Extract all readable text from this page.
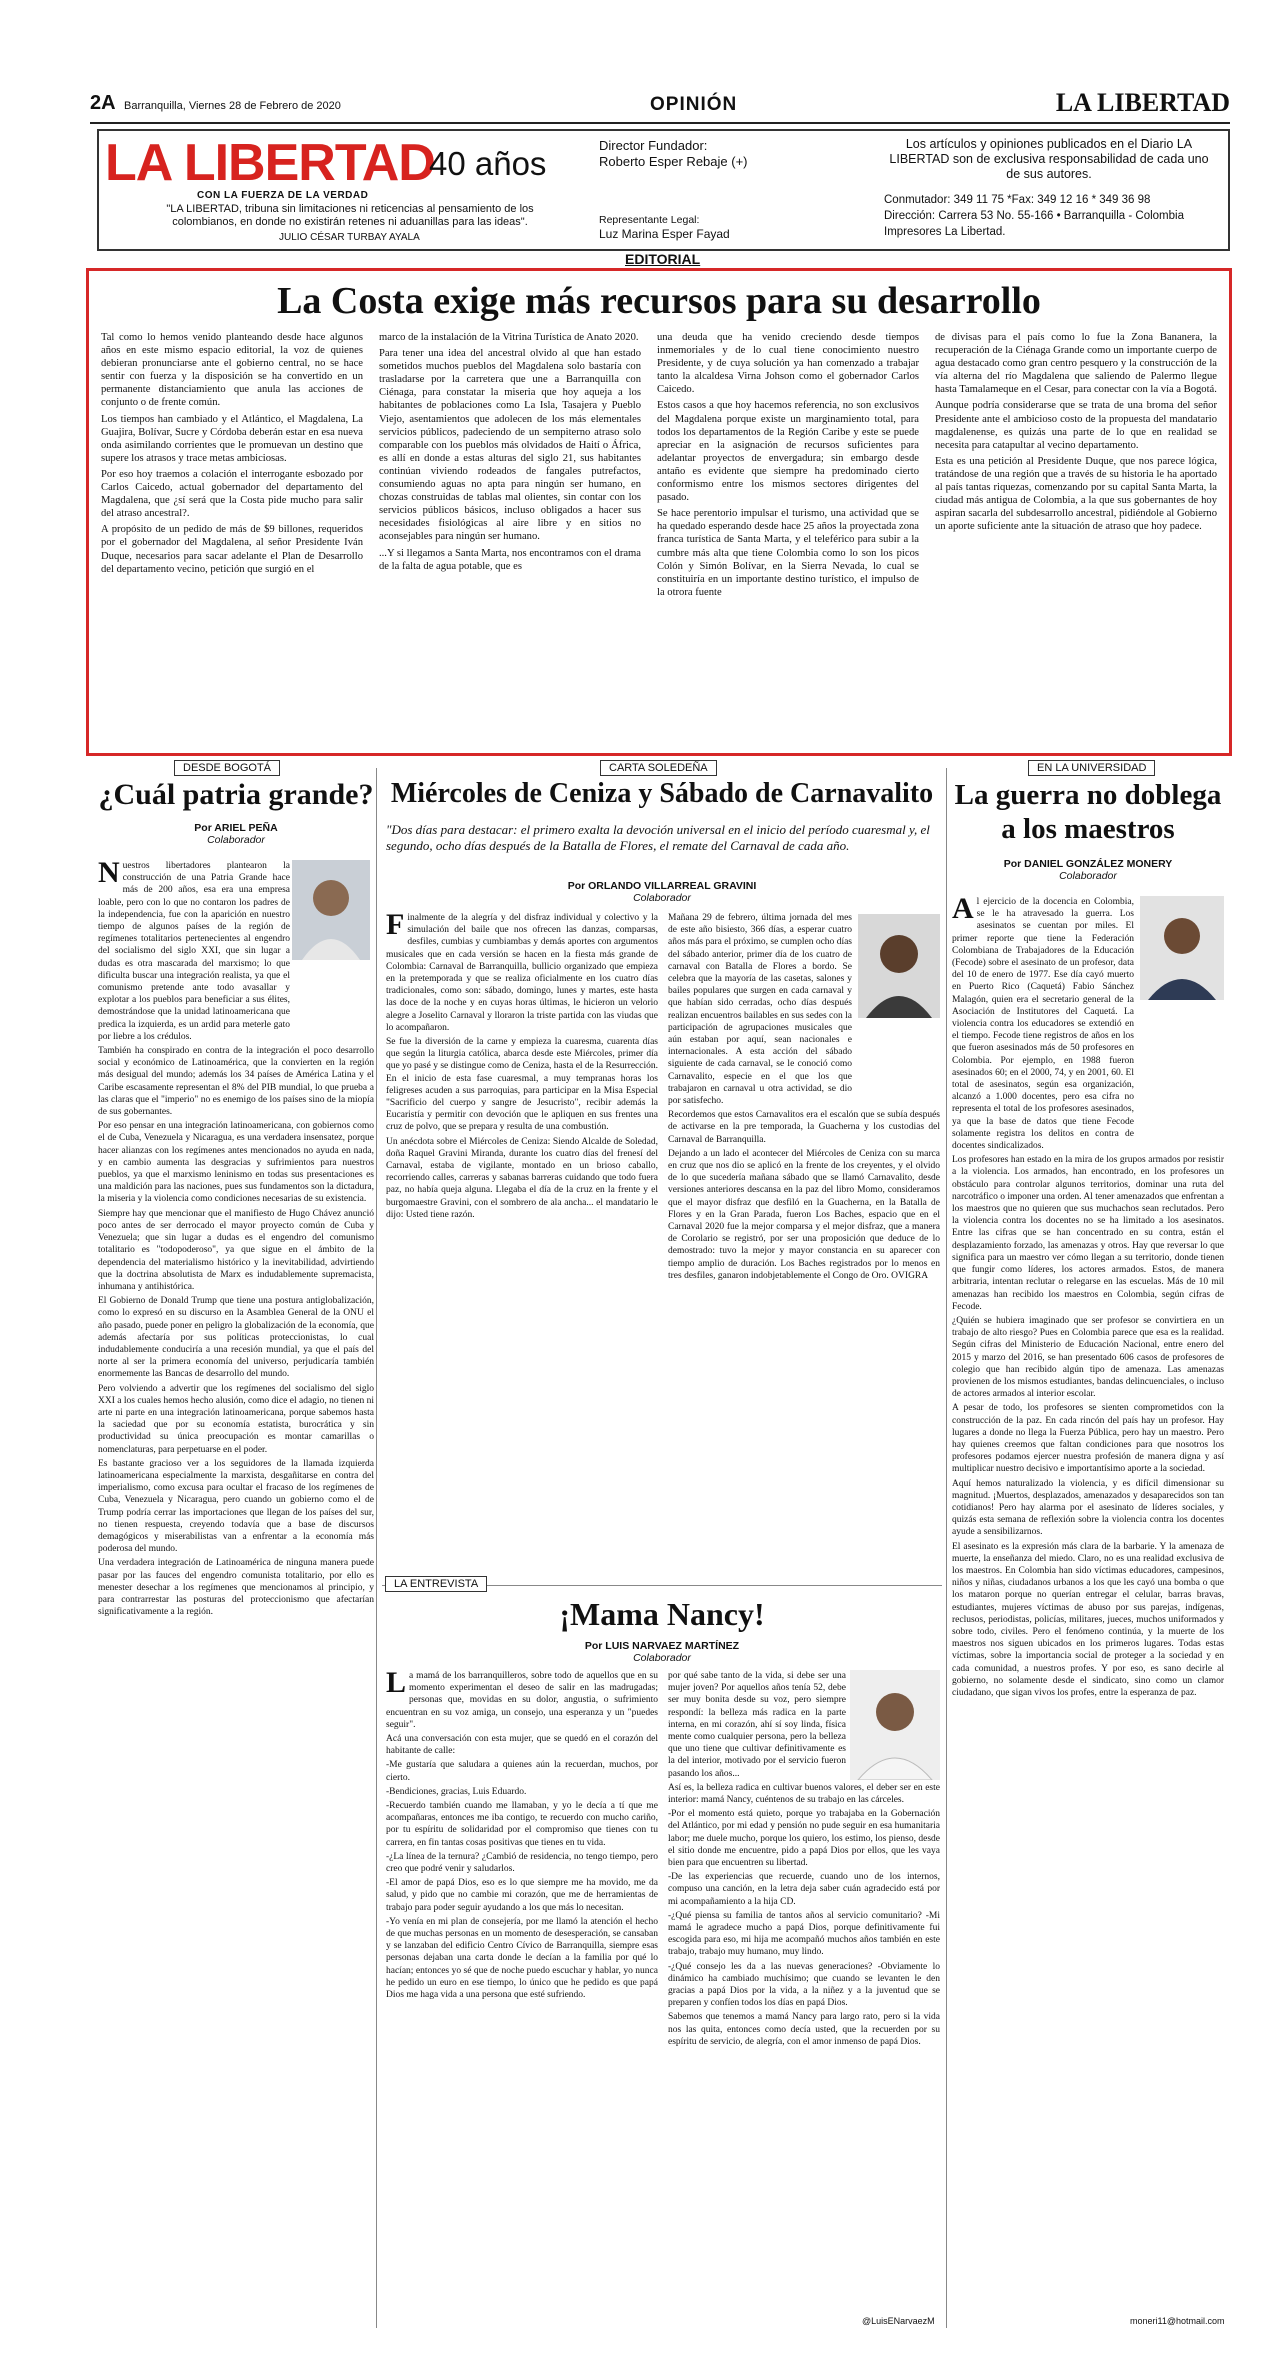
2A Barranquilla, Viernes 28 de Febrero de 2020	OPINIÓN	LA LIBERTAD
LA LIBERTAD
CON LA FUERZA DE LA VERDAD
40 años
"LA LIBERTAD, tribuna sin limitaciones ni reticencias al pensamiento de los colombianos, en donde no existirán retenes ni aduanillas para las ideas".
JULIO CÉSAR TURBAY AYALA
Director Fundador:
Roberto Esper Rebaje (+)
Representante Legal:
Luz Marina Esper Fayad
Los artículos y opiniones publicados en el Diario LA LIBERTAD son de exclusiva responsabilidad de cada uno de sus autores.
Conmutador: 349 11 75 *Fax: 349 12 16 * 349 36 98
Dirección: Carrera 53 No. 55-166 • Barranquilla - Colombia
Impresores La Libertad.
EDITORIAL
La Costa exige más recursos para su desarrollo

Tal como lo hemos venido planteando desde hace algunos años en este mismo espacio editorial, la voz de quienes debieran pronunciarse ante el gobierno central, no se hace sentir con fuerza y la disposición se ha convertido en un permanente distanciamiento que anula las acciones de conjunto o de frente común.

Los tiempos han cambiado y el Atlántico, el Magdalena, La Guajira, Bolívar, Sucre y Córdoba deberán estar en esa nueva onda asimilando corrientes que le promuevan un destino que supere los atrasos y trace metas ambiciosas.

Por eso hoy traemos a colación el interrogante esbozado por Carlos Caicedo, actual gobernador del departamento del Magdalena, que ¿sí será que la Costa pide mucho para salir del atraso ancestral?.

A propósito de un pedido de más de $9 billones, requeridos por el gobernador del Magdalena, al señor Presidente Iván Duque, necesarios para sacar adelante el Plan de Desarrollo del departamento vecino, petición que surgió en el

marco de la instalación de la Vitrina Turística de Anato 2020.

Para tener una idea del ancestral olvido al que han estado sometidos muchos pueblos del Magdalena solo bastaría con trasladarse por la carretera que une a Barranquilla con Ciénaga, para constatar la miseria que hoy aqueja a los habitantes de poblaciones como La Isla, Tasajera y Pueblo Viejo, asentamientos que adolecen de los más elementales servicios públicos, padeciendo de un sempiterno atraso solo comparable con los pueblos más olvidados de Haití o África, es allí en donde a estas alturas del siglo 21, sus habitantes continúan viviendo rodeados de fangales putrefactos, consumiendo aguas no apta para ningún ser humano, en chozas construidas de tablas mal olientes, sin contar con los servicios públicos básicos, incluso obligados a hacer sus necesidades fisiológicas al aire libre y en sitios no aconsejables para ningún ser humano.

...Y si llegamos a Santa Marta, nos encontramos con el drama de la falta de agua potable, que es

una deuda que ha venido creciendo desde tiempos inmemoriales y de lo cual tiene conocimiento nuestro Presidente, y de cuya solución ya han comenzado a trabajar tanto la alcaldesa Virna Johson como el gobernador Carlos Caicedo.

Estos casos a que hoy hacemos referencia, no son exclusivos del Magdalena porque existe un marginamiento total, para todos los departamentos de la Región Caribe y este se puede apreciar en la asignación de recursos suficientes para adelantar proyectos de envergadura; sin embargo desde antaño es evidente que siempre ha predominado cierto conformismo entre los mismos sectores dirigentes del pasado.

Se hace perentorio impulsar el turismo, una actividad que se ha quedado esperando desde hace 25 años la proyectada zona franca turística de Santa Marta, y el teleférico para subir a la cumbre más alta que tiene Colombia como lo son los picos Colón y Simón Bolívar, en la Sierra Nevada, lo cual se constituiría en un importante destino turístico, el impulso de la otrora fuente

de divisas para el país como lo fue la Zona Bananera, la recuperación de la Ciénaga Grande como un importante cuerpo de agua destacado como gran centro pesquero y la construcción de la vía alterna del río Magdalena que saliendo de Palermo llegue hasta Tamalameque en el Cesar, para conectar con la vía a Bogotá.

Aunque podría considerarse que se trata de una broma del señor Presidente ante el ambicioso costo de la propuesta del mandatario magdalenense, es quizás una parte de lo que en realidad se necesita para catapultar al vecino departamento.

Esta es una petición al Presidente Duque, que nos parece lógica, tratándose de una región que a través de su historia le ha aportado al país tantas riquezas, comenzando por su capital Santa Marta, la ciudad más antigua de Colombia, a la que sus gobernantes de hoy aspiran sacarla del subdesarrollo ancestral, pidiéndole al Gobierno un aporte suficiente ante la situación de atraso que hoy padece.

DESDE BOGOTÁ
¿Cuál patria grande?
Por ARIEL PEÑA
Colaborador

Nuestros libertadores plantearon la construcción de una Patria Grande hace más de 200 años, esa era una empresa loable, pero con lo que no contaron los padres de la independencia, fue con la aparición en nuestro tiempo de algunos países de la región de regímenes totalitarios pertenecientes al engendro del socialismo del siglo XXI, que sin lugar a dudas es otra mascarada del marxismo; lo que dificulta buscar una integración realista, ya que el comunismo pretende ante todo avasallar y explotar a los pueblos para beneficiar a sus élites, demostrándose que la unidad latinoamericana que predica la izquierda, es un ardid para meterle gato por liebre a los crédulos.

También ha conspirado en contra de la integración el poco desarrollo social y económico de Latinoamérica, que la convierten en la región más desigual del mundo; además los 34 países de América Latina y el Caribe escasamente representan el 8% del PIB mundial, lo que prueba a las claras que el "imperio" no es enemigo de los países sino de la miopía de sus gobernantes.

Por eso pensar en una integración latinoamericana, con gobiernos como el de Cuba, Venezuela y Nicaragua, es una verdadera insensatez, porque hacer alianzas con los regímenes antes mencionados no ayuda en nada, y en cambio aumenta las desgracias y sufrimientos para nuestros pueblos, ya que el marxismo leninismo en todas sus presentaciones es una maldición para las naciones, pues sus fundamentos son la dictadura, la miseria y la violencia como condiciones necesarias de su existencia.

Siempre hay que mencionar que el manifiesto de Hugo Chávez anunció poco antes de ser derrocado el mayor proyecto común de Cuba y Venezuela; que sin lugar a dudas es el engendro del comunismo totalitario es "todopoderoso", ya que sigue en el ámbito de la dependencia del materialismo histórico y la inevitabilidad, advirtiendo que la doctrina absolutista de Marx es indudablemente supremacista, inhumana y antihistórica.

El Gobierno de Donald Trump que tiene una postura antiglobalización, como lo expresó en su discurso en la Asamblea General de la ONU el año pasado, puede poner en peligro la globalización de la economía, que además afectaría por sus políticas proteccionistas, lo cual indudablemente conduciría a una recesión mundial, ya que el país del norte al ser la primera economía del universo, perjudicaría también enormemente las Bancas de desarrollo del mundo.

Pero volviendo a advertir que los regímenes del socialismo del siglo XXI a los cuales hemos hecho alusión, como dice el adagio, no tienen ni arte ni parte en una integración latinoamericana, porque sabemos hasta la saciedad que por su economía estatista, burocrática y sin productividad su única preocupación es montar camarillas o nomenclaturas, para perpetuarse en el poder.

Es bastante gracioso ver a los seguidores de la llamada izquierda latinoamericana especialmente la marxista, desgañitarse en contra del imperialismo, como excusa para ocultar el fracaso de los regímenes de Cuba, Venezuela y Nicaragua, pero cuando un gobierno como el de Trump podría cerrar las importaciones que llegan de los países del sur, no tienen respuesta, creyendo todavía que a base de discursos demagógicos y miserabilistas van a enfrentar a la economía más poderosa del mundo.

Una verdadera integración de Latinoamérica de ninguna manera puede pasar por las fauces del engendro comunista totalitario, por ello es menester desechar a los regímenes que mencionamos al principio, y para contrarrestar las posturas del proteccionismo que afectarían significativamente a la región.

CARTA SOLEDEÑA
Miércoles de Ceniza y Sábado de Carnavalito
"Dos días para destacar: el primero exalta la devoción universal en el inicio del período cuaresmal y, el segundo, ocho días después de la Batalla de Flores, el remate del Carnaval de cada año.
Por ORLANDO VILLARREAL GRAVINI
Colaborador

Finalmente de la alegría y del disfraz individual y colectivo y la simulación del baile que nos ofrecen las danzas, comparsas, desfiles, cumbias y cumbiambas y demás aportes con argumentos musicales que en cada versión se hacen en la fiesta más grande de Colombia: Carnaval de Barranquilla, bullicio organizado que empieza en la pretemporada y que se realiza oficialmente en los cuatro días tradicionales, como son: sábado, domingo, lunes y martes, este hasta las doce de la noche y en cuyas horas últimas, le hicieron un velorio alegre a Joselito Carnaval y lloraron la triste partida con las viudas que lo acompañaron.

Se fue la diversión de la carne y empieza la cuaresma, cuarenta días que según la liturgia católica, abarca desde este Miércoles, primer día que yo pasé y se distingue como de Ceniza, hasta el de la Resurrección. En el inicio de esta fase cuaresmal, a muy tempranas horas los feligreses acuden a sus parroquias, para participar en la Misa Especial "Sacrificio del cuerpo y sangre de Jesucristo", recibir además la Eucaristía y permitir con devoción que le apliquen en sus frentes una cruz de polvo, que se prepara y resulta de una combustión.

Un anécdota sobre el Miércoles de Ceniza: Siendo Alcalde de Soledad, doña Raquel Gravini Miranda, durante los cuatro días del frenesí del Carnaval, estaba de vigilante, montado en un brioso caballo, recorriendo calles, carreras y sabanas barreras cuidando que todo fuera paz, no había queja alguna. Llegaba el día de la cruz en la frente y el burgomaestre Gravini, con el sombrero de ala ancha... el mandatario le dijo: Usted tiene razón.

Mañana 29 de febrero, última jornada del mes de este año bisiesto, 366 días, a esperar cuatro años más para el próximo, se cumplen ocho días del sábado anterior, primer día de los cuatro de carnaval con Batalla de Flores a bordo. Se celebra que la mayoría de las casetas, salones y bailes populares que surgen en cada carnaval y que habían sido cerradas, ocho días después realizan encuentros bailables en sus sedes con la participación de agrupaciones musicales que aún estaban por aquí, sean nacionales e internacionales. A esta acción del sábado siguiente de cada carnaval, se le conoció como Carnavalito, especie en el que los que trabajaron en carnaval u otra actividad, se dio por satisfecho.

Recordemos que estos Carnavalitos era el escalón que se subía después de activarse en la pre temporada, la Guacherna y los custodias del Carnaval de Barranquilla.

Dejando a un lado el acontecer del Miércoles de Ceniza con su marca en cruz que nos dio se aplicó en la frente de los creyentes, y el olvido de lo que sucedería mañana sábado que se llamó Carnavalito, desde versiones anteriores descansa en la paz del libro Momo, consideramos que el mayor disfraz que desfiló en la Guacherna, en la Batalla de Flores y en la Gran Parada, fueron Los Baches, espacio que en el Carnaval 2020 fue la mejor comparsa y el mejor disfraz, que a manera de Corolario se registró, por ser una proposición que deduce de lo demostrado: tuvo la mejor y mayor constancia en su aparecer con tiempo amplio de duración. Los Baches registrados por lo menos en tres desfiles, ganaron indobjetablemente el Congo de Oro. OVIGRA

LA ENTREVISTA
¡Mama Nancy!
Por LUIS NARVAEZ MARTÍNEZ
Colaborador

La mamá de los barranquilleros, sobre todo de aquellos que en su momento experimentan el deseo de salir en las madrugadas; personas que, movidas en su dolor, angustia, o sufrimiento encuentran en su voz amiga, un consejo, una esperanza y un "puedes seguir".

Acá una conversación con esta mujer, que se quedó en el corazón del habitante de calle:

-Me gustaría que saludara a quienes aún la recuerdan, muchos, por cierto.

-Bendiciones, gracias, Luis Eduardo.

-Recuerdo también cuando me llamaban, y yo le decía a tí que me acompañaras, entonces me iba contigo, te recuerdo con mucho cariño, por tu espíritu de solidaridad por el compromiso que tienes con tu carrera, en fin tantas cosas positivas que tienes en tu vida.

-¿La línea de la ternura? ¿Cambió de residencia, no tengo tiempo, pero creo que podré venir y saludarlos.

-El amor de papá Dios, eso es lo que siempre me ha movido, me da salud, y pido que no cambie mi corazón, que me de herramientas de trabajo para poder seguir ayudando a los que más lo necesitan.

-Yo venía en mi plan de consejería, por me llamó la atención el hecho de que muchas personas en un momento de desesperación, se cansaban y se lanzaban del edificio Centro Cívico de Barranquilla, siempre esas personas dejaban una carta donde le decían a la familia por qué lo hacían; entonces yo sé que de noche puedo escuchar y hablar, yo nunca he pedido un euro en ese tiempo, lo único que he pedido es que papá Dios me haga vida a una persona que esté sufriendo.

por qué sabe tanto de la vida, si debe ser una mujer joven? Por aquellos años tenía 52, debe ser muy bonita desde su voz, pero siempre respondí: la belleza más radica en la parte interna, en mi corazón, ahí sí soy linda, física mente como cualquier persona, pero la belleza que uno tiene que cultivar definitivamente es la del interior, motivado por el servicio fueron pasando los años...

Así es, la belleza radica en cultivar buenos valores, el deber ser en este interior: mamá Nancy, cuéntenos de su trabajo en las cárceles.

-Por el momento está quieto, porque yo trabajaba en la Gobernación del Atlántico, por mi edad y pensión no pude seguir en esa humanitaria labor; me duele mucho, porque los quiero, los estimo, los pienso, desde el sitio donde me encuentre, pido a papá Dios por ellos, que les vaya bien para que encuentren su libertad.

-De las experiencias que recuerde, cuando uno de los internos, compuso una canción, en la letra deja saber cuán agradecido está por mi acompañamiento a la hija CD.

-¿Qué piensa su familia de tantos años al servicio comunitario? -Mi mamá le agradece mucho a papá Dios, porque definitivamente fui escogida para eso, mi hija me acompañó muchos años también en este trabajo, trabajo muy humano, muy lindo.

-¿Qué consejo les da a las nuevas generaciones? -Obviamente lo dinámico ha cambiado muchísimo; que cuando se levanten le den gracias a papá Dios por la vida, a la niñez y a la juventud que se preparen y confíen todos los días en papá Dios.

Sabemos que tenemos a mamá Nancy para largo rato, pero si la vida nos las quita, entonces como decía usted, que la recuerden por su espíritu de servicio, de alegría, con el amor inmenso de papá Dios.

@LuisENarvaezM
EN LA UNIVERSIDAD
La guerra no doblega a los maestros
Por DANIEL GONZÁLEZ MONERY
Colaborador

Al ejercicio de la docencia en Colombia, se le ha atravesado la guerra. Los asesinatos se cuentan por miles. El primer reporte que tiene la Federación Colombiana de Trabajadores de la Educación (Fecode) sobre el asesinato de un profesor, data del 10 de enero de 1977. Ese día cayó muerto en Puerto Rico (Caquetá) Fabio Sánchez Malagón, quien era el secretario general de la Asociación de Institutores del Caquetá. La violencia contra los educadores se extendió en el tiempo. Fecode tiene registros de años en los que fueron asesinados más de 50 profesores en Colombia. Por ejemplo, en 1988 fueron asesinados 60; en el 2000, 74, y en 2001, 60. El total de asesinatos, según esa organización, alcanzó a 1.000 docentes, pero esa cifra no representa el total de los profesores asesinados, ya que la base de datos que tiene Fecode solamente registra los delitos en contra de docentes sindicalizados.

Los profesores han estado en la mira de los grupos armados por resistir a la violencia. Los armados, han encontrado, en los profesores un obstáculo para controlar algunos territorios, dominar una ruta del narcotráfico o imponer una orden. Al tener amenazados que enfrentan a los maestros que no quieren que sus muchachos sean reclutados. Pero la violencia contra los docentes no se ha limitado a los asesinatos. Entre las cifras que se han concentrado en su contra, están el desplazamiento forzado, las amenazas y otros. Hay que reversar lo que significa para un maestro ver cómo llegan a su territorio, donde tienen que fungir como líderes, los actores armados. Estos, de manera arbitraria, intentan reclutar o relegarse en las escuelas. Más de 10 mil amenazas han recibido los maestros en Colombia, según cifras de Fecode.

¿Quién se hubiera imaginado que ser profesor se convirtiera en un trabajo de alto riesgo? Pues en Colombia parece que esa es la realidad. Según cifras del Ministerio de Educación Nacional, entre enero del 2015 y marzo del 2016, se han presentado 606 casos de profesores de colegio que han recibido algún tipo de amenaza. Las amenazas provienen de los mismos estudiantes, bandas delincuenciales, o incluso de actores armados al interior escolar.

A pesar de todo, los profesores se sienten comprometidos con la construcción de la paz. En cada rincón del país hay un profesor. Hay lugares a donde no llega la Fuerza Pública, pero hay un maestro. Pero hay quienes creemos que faltan condiciones para que nosotros los profesores podamos ejercer nuestra profesión de manera digna y así multiplicar nuestro decisivo e importantísimo aporte a la sociedad.

Aquí hemos naturalizado la violencia, y es difícil dimensionar su magnitud. ¡Muertos, desplazados, amenazados y desaparecidos son tan cotidianos! Pero hay alarma por el asesinato de líderes sociales, y quizás esta semana de reflexión sobre la violencia contra los docentes ayude a sensibilizarnos.

El asesinato es la expresión más clara de la barbarie. Y la amenaza de muerte, la enseñanza del miedo. Claro, no es una realidad exclusiva de los maestros. En Colombia han sido víctimas educadores, campesinos, niños y niñas, ciudadanos urbanos a los que les cayó una bomba o que los mataron porque no querían entregar el celular, barras bravas, estudiantes, mujeres víctimas de abuso por sus parejas, indígenas, reclusos, periodistas, policías, militares, jueces, muchos uniformados y sobre todo, civiles. Pero el fenómeno continúa, y la muerte de los maestros nos siguen ubicados en los primeros lugares. Todas estas víctimas, sobre la importancia social de proteger a la sociedad y en cada comunidad, a nuestros profes. Y por eso, es sano decirle al gobierno, no solamente desde el sindicato, sino como un clamor ciudadano, que sigan vivos los profes, entre la esperanza de paz.

moneri11@hotmail.com
